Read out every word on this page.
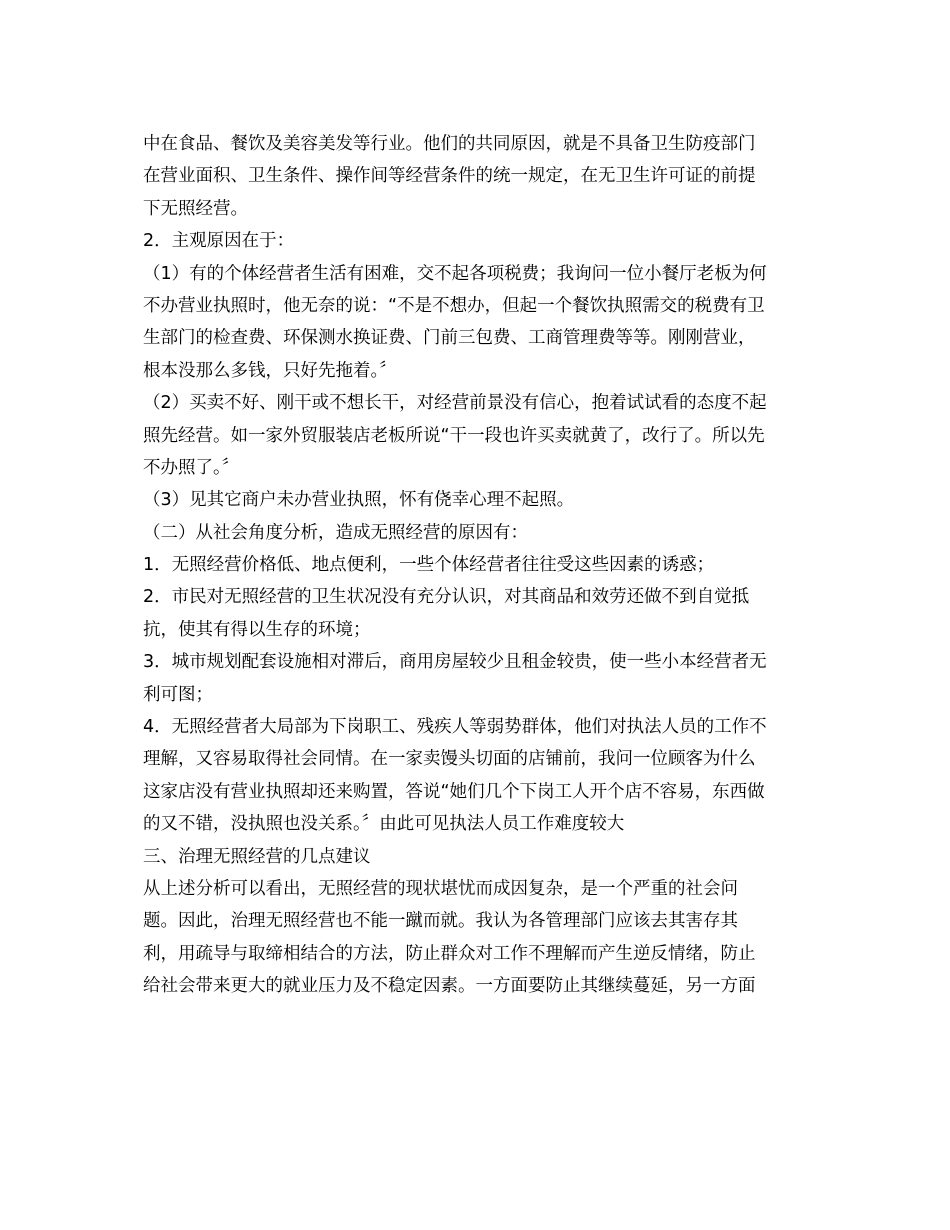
中在食品、餐饮及美容美发等行业。他们的共同原因，就是不具备卫生防疫部门
在营业面积、卫生条件、操作间等经营条件的统一规定，在无卫生许可证的前提
下无照经营。
2．主观原因在于：
（1）有的个体经营者生活有困难，交不起各项税费；我询问一位小餐厅老板为何
不办营业执照时，他无奈的说：“不是不想办，但起一个餐饮执照需交的税费有卫
生部门的检查费、环保测水换证费、门前三包费、工商管理费等等。刚刚营业，
根本没那么多钱，只好先拖着。〞
（2）买卖不好、刚干或不想长干，对经营前景没有信心，抱着试试看的态度不起
照先经营。如一家外贸服装店老板所说“干一段也许买卖就黄了，改行了。所以先
不办照了。〞
（3）见其它商户未办营业执照，怀有侥幸心理不起照。
（二）从社会角度分析，造成无照经营的原因有：
1．无照经营价格低、地点便利，一些个体经营者往往受这些因素的诱惑；
2．市民对无照经营的卫生状况没有充分认识，对其商品和效劳还做不到自觉抵
抗，使其有得以生存的环境；
3．城市规划配套设施相对滞后，商用房屋较少且租金较贵，使一些小本经营者无
利可图；
4．无照经营者大局部为下岗职工、残疾人等弱势群体，他们对执法人员的工作不
理解，又容易取得社会同情。在一家卖馒头切面的店铺前，我问一位顾客为什么
这家店没有营业执照却还来购置，答说“她们几个下岗工人开个店不容易，东西做
的又不错，没执照也没关系。〞由此可见执法人员工作难度较大
三、治理无照经营的几点建议
从上述分析可以看出，无照经营的现状堪忧而成因复杂，是一个严重的社会问
题。因此，治理无照经营也不能一蹴而就。我认为各管理部门应该去其害存其
利，用疏导与取缔相结合的方法，防止群众对工作不理解而产生逆反情绪，防止
给社会带来更大的就业压力及不稳定因素。一方面要防止其继续蔓延，另一方面
